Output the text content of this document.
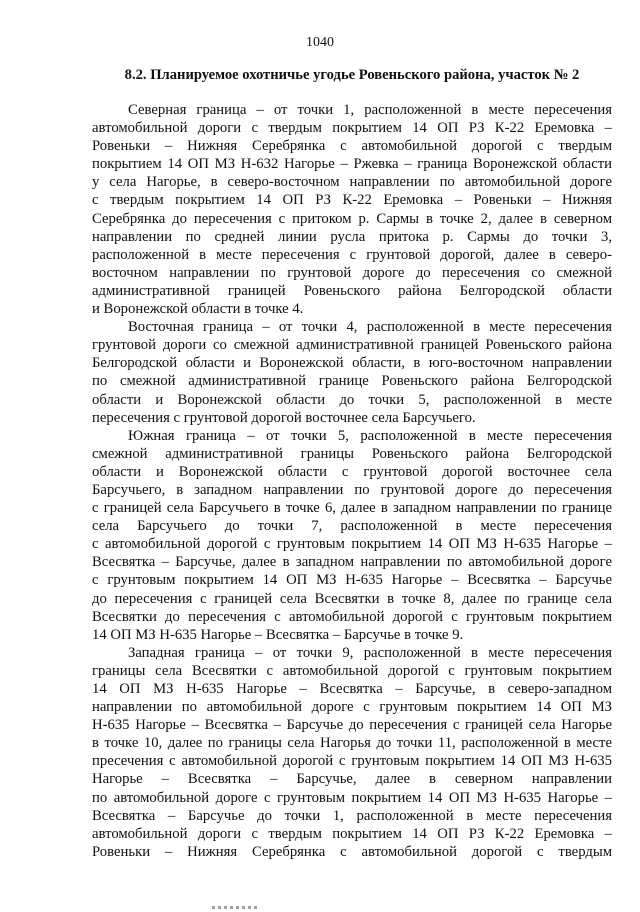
1040
8.2. Планируемое охотничье угодье Ровеньского района, участок № 2
Северная граница – от точки 1, расположенной в месте пересечения
автомобильной дороги с твердым покрытием 14 ОП РЗ К-22 Еремовка –
Ровеньки – Нижняя Серебрянка с автомобильной дорогой с твердым
покрытием 14 ОП МЗ Н-632 Нагорье – Ржевка – граница Воронежской области
у села Нагорье, в северо-восточном направлении по автомобильной дороге
с твердым покрытием 14 ОП РЗ К-22 Еремовка – Ровеньки – Нижняя
Серебрянка до пересечения с притоком р. Сармы в точке 2, далее в северном
направлении по средней линии русла притока р. Сармы до точки 3,
расположенной в месте пересечения с грунтовой дорогой, далее в северо-
восточном направлении по грунтовой дороге до пересечения со смежной
административной границей Ровеньского района Белгородской области
и Воронежской области в точке 4.
Восточная граница – от точки 4, расположенной в месте пересечения
грунтовой дороги со смежной административной границей Ровеньского района
Белгородской области и Воронежской области, в юго-восточном направлении
по смежной административной границе Ровеньского района Белгородской
области и Воронежской области до точки 5, расположенной в месте
пересечения с грунтовой дорогой восточнее села Барсучьего.
Южная граница – от точки 5, расположенной в месте пересечения
смежной административной границы Ровеньского района Белгородской
области и Воронежской области с грунтовой дорогой восточнее села
Барсучьего, в западном направлении по грунтовой дороге до пересечения
с границей села Барсучьего в точке 6, далее в западном направлении по границе
села Барсучьего до точки 7, расположенной в месте пересечения
с автомобильной дорогой с грунтовым покрытием 14 ОП МЗ Н-635 Нагорье –
Всесвятка – Барсучье, далее в западном направлении по автомобильной дороге
с грунтовым покрытием 14 ОП МЗ Н-635 Нагорье – Всесвятка – Барсучье
до пересечения с границей села Всесвятки в точке 8, далее по границе села
Всесвятки до пересечения с автомобильной дорогой с грунтовым покрытием
14 ОП МЗ Н-635 Нагорье – Всесвятка – Барсучье в точке 9.
Западная граница – от точки 9, расположенной в месте пересечения
границы села Всесвятки с автомобильной дорогой с грунтовым покрытием
14 ОП МЗ Н-635 Нагорье – Всесвятка – Барсучье, в северо-западном
направлении по автомобильной дороге с грунтовым покрытием 14 ОП МЗ
Н-635 Нагорье – Всесвятка – Барсучье до пересечения с границей села Нагорье
в точке 10, далее по границы села Нагорья до точки 11, расположенной в месте
пресечения с автомобильной дорогой с грунтовым покрытием 14 ОП МЗ Н-635
Нагорье – Всесвятка – Барсучье, далее в северном направлении
по автомобильной дороге с грунтовым покрытием 14 ОП МЗ Н-635 Нагорье –
Всесвятка – Барсучье до точки 1, расположенной в месте пересечения
автомобильной дороги с твердым покрытием 14 ОП РЗ К-22 Еремовка –
Ровеньки – Нижняя Серебрянка с автомобильной дорогой с твердым
